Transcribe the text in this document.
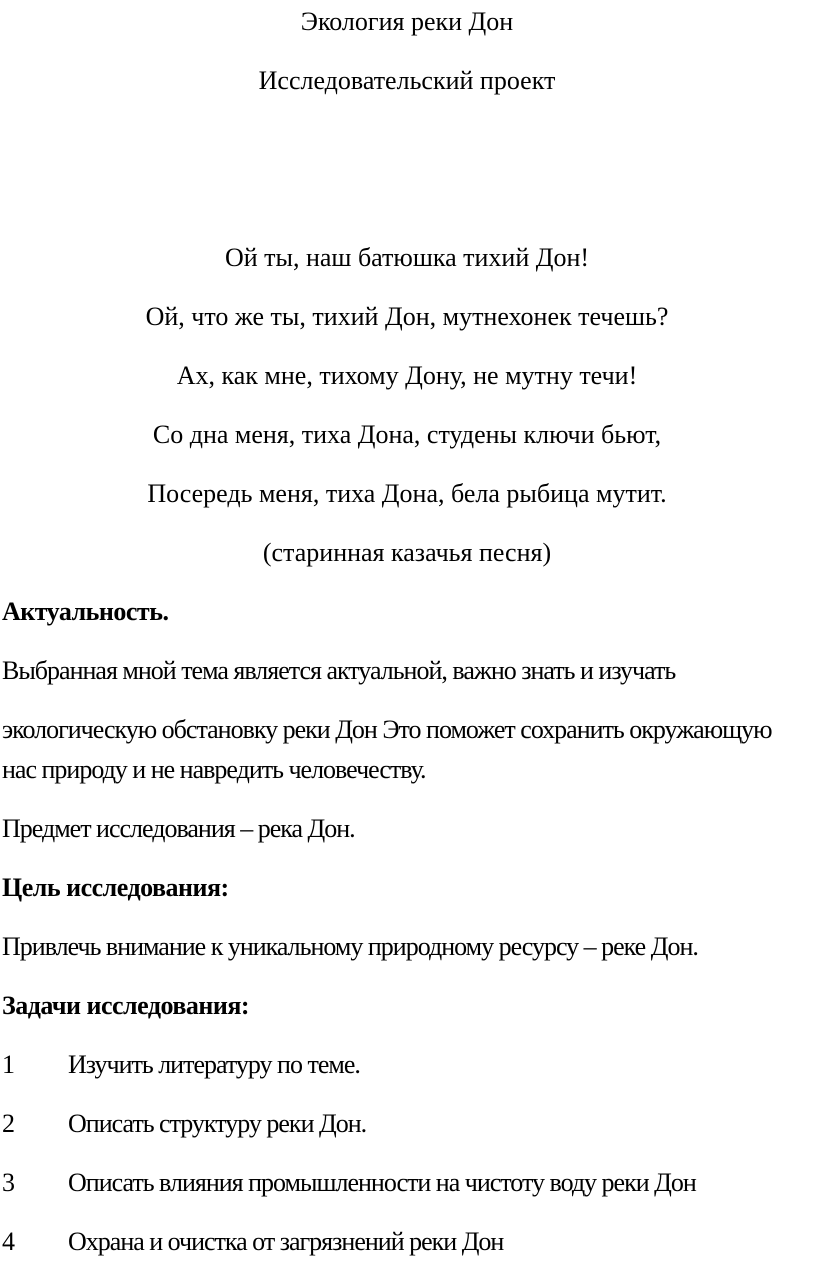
Экология реки Дон

Исследовательский проект

Ой ты, наш батюшка тихий Дон!

Ой, что же ты, тихий Дон, мутнехонек течешь?

Ах, как мне, тихому Дону, не мутну течи!

Со дна меня, тиха Дона, студены ключи бьют,

Посередь меня, тиха Дона, бела рыбица мутит.

(старинная казачья песня)

Актуальность.

Выбранная мной тема является актуальной, важно знать и изучать

экологическую обстановку реки Дон Это поможет сохранить окружающую
нас природу и не навредить человечеству.

Предмет исследования – река Дон.

Цель исследования:

Привлечь внимание к уникальному природному ресурсу – реке Дон.

Задачи исследования:

1	Изучить литературу по теме.
2	Описать структуру реки Дон.
3	Описать влияния промышленности на чистоту воду реки Дон
4	Охрана и очистка от загрязнений реки Дон
